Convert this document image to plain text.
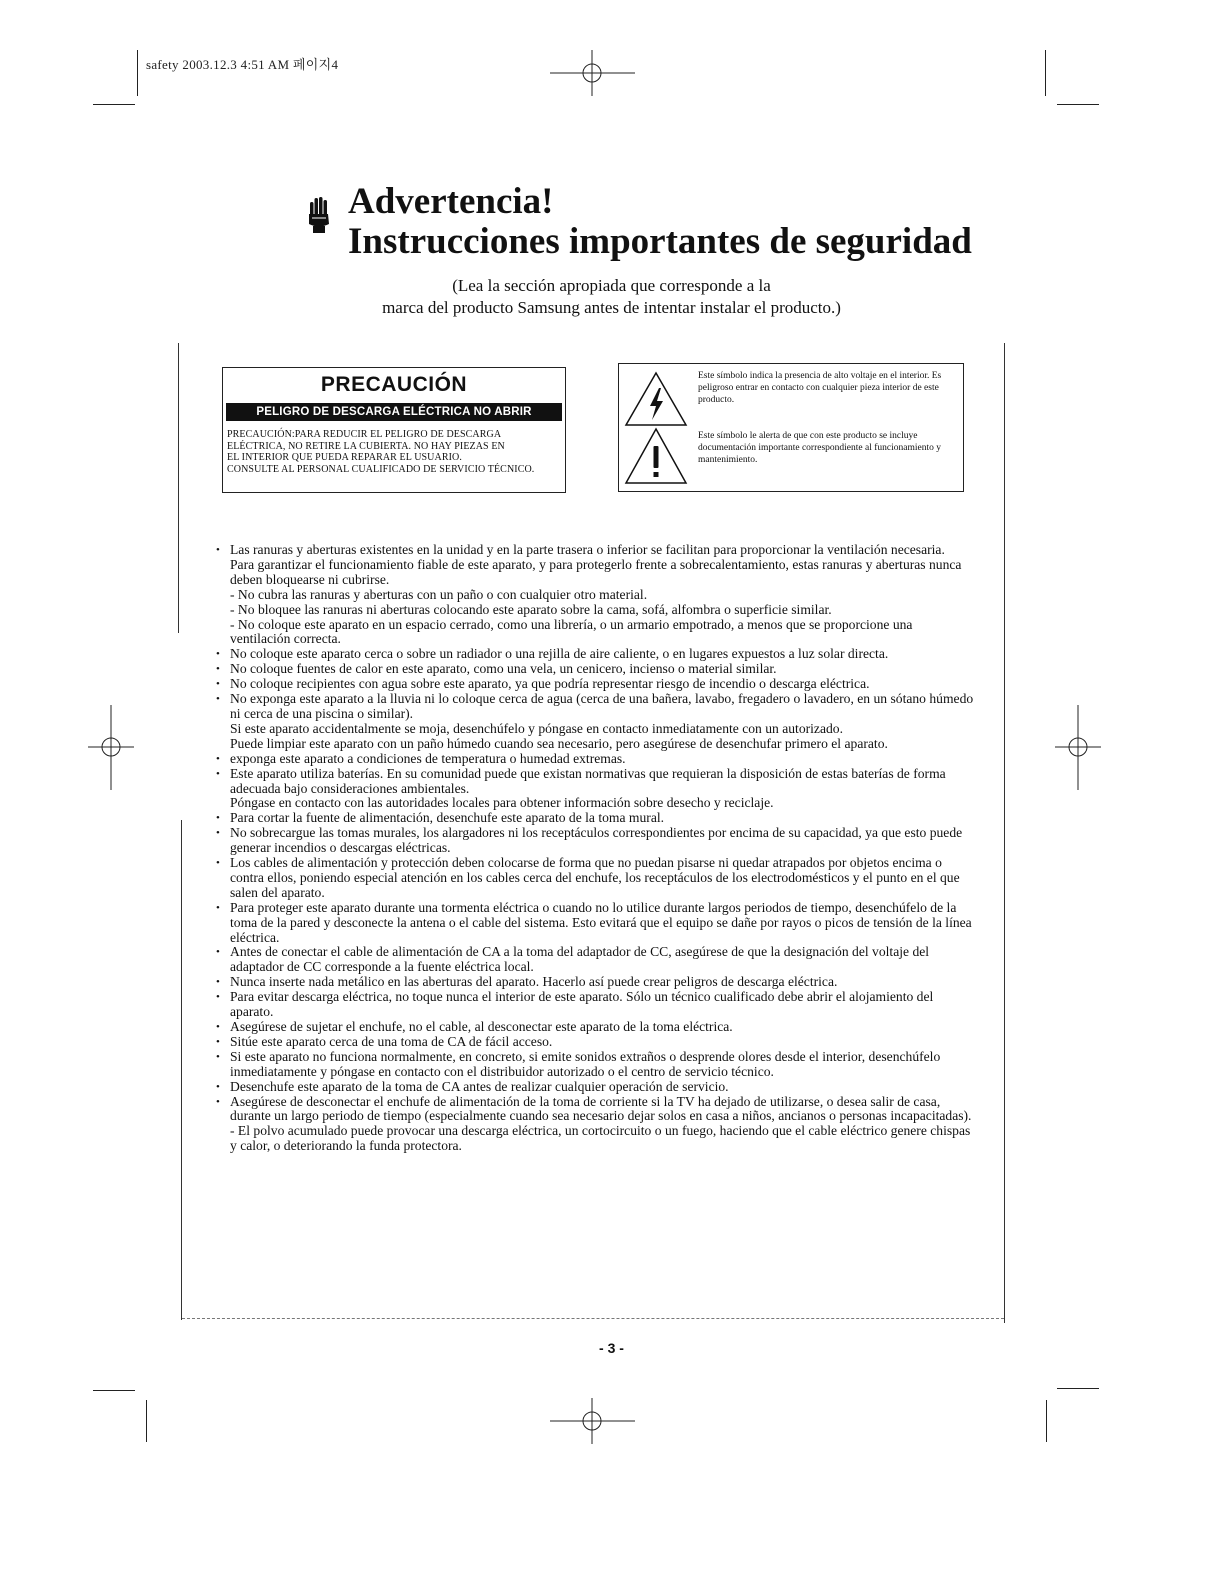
safety 2003.12.3 4:51 AM 페이지4
Advertencia!
Instrucciones importantes de seguridad
(Lea la sección apropiada que corresponde a la
marca del producto Samsung antes de intentar instalar el producto.)
PRECAUCIÓN
PELIGRO DE DESCARGA ELÉCTRICA NO ABRIR
PRECAUCIÓN:PARA REDUCIR EL PELIGRO DE DESCARGA
ELÉCTRICA, NO RETIRE LA CUBIERTA. NO HAY PIEZAS EN
EL INTERIOR QUE PUEDA REPARAR EL USUARIO.
CONSULTE AL PERSONAL CUALIFICADO DE SERVICIO TÉCNICO.
Este símbolo indica la presencia de alto voltaje en el interior. Es peligroso entrar en contacto con cualquier pieza interior de este producto.
Este símbolo le alerta de que con este producto se incluye documentación importante correspondiente al funcionamiento y mantenimiento.
• Las ranuras y aberturas existentes en la unidad y en la parte trasera o inferior se facilitan para proporcionar la ventilación necesaria.
Para garantizar el funcionamiento fiable de este aparato, y para protegerlo frente a sobrecalentamiento, estas ranuras y aberturas nunca deben bloquearse ni cubrirse.
- No cubra las ranuras y aberturas con un paño o con cualquier otro material.
- No bloquee las ranuras ni aberturas colocando este aparato sobre la cama, sofá, alfombra o superficie similar.
- No coloque este aparato en un espacio cerrado, como una librería, o un armario empotrado, a menos que se proporcione una ventilación correcta.
• No coloque este aparato cerca o sobre un radiador o una rejilla de aire caliente, o en lugares expuestos a luz solar directa.
• No coloque fuentes de calor en este aparato, como una vela, un cenicero, incienso o material similar.
• No coloque recipientes con agua sobre este aparato, ya que podría representar riesgo de incendio o descarga eléctrica.
• No exponga este aparato a la lluvia ni lo coloque cerca de agua (cerca de una bañera, lavabo, fregadero o lavadero, en un sótano húmedo ni cerca de una piscina o similar).
Si este aparato accidentalmente se moja, desenchúfelo y póngase en contacto inmediatamente con un autorizado.
Puede limpiar este aparato con un paño húmedo cuando sea necesario, pero asegúrese de desenchufar primero el aparato.
• exponga este aparato a condiciones de temperatura o humedad extremas.
• Este aparato utiliza baterías. En su comunidad puede que existan normativas que requieran la disposición de estas baterías de forma adecuada bajo consideraciones ambientales.
Póngase en contacto con las autoridades locales para obtener información sobre desecho y reciclaje.
• Para cortar la fuente de alimentación, desenchufe este aparato de la toma mural.
• No sobrecargue las tomas murales, los alargadores ni los receptáculos correspondientes por encima de su capacidad, ya que esto puede generar incendios o descargas eléctricas.
• Los cables de alimentación y protección deben colocarse de forma que no puedan pisarse ni quedar atrapados por objetos encima o contra ellos, poniendo especial atención en los cables cerca del enchufe, los receptáculos de los electrodomésticos y el punto en el que salen del aparato.
• Para proteger este aparato durante una tormenta eléctrica o cuando no lo utilice durante largos periodos de tiempo, desenchúfelo de la toma de la pared y desconecte la antena o el cable del sistema. Esto evitará que el equipo se dañe por rayos o picos de tensión de la línea eléctrica.
• Antes de conectar el cable de alimentación de CA a la toma del adaptador de CC, asegúrese de que la designación del voltaje del adaptador de CC corresponde a la fuente eléctrica local.
• Nunca inserte nada metálico en las aberturas del aparato. Hacerlo así puede crear peligros de descarga eléctrica.
• Para evitar descarga eléctrica, no toque nunca el interior de este aparato. Sólo un técnico cualificado debe abrir el alojamiento del aparato.
• Asegúrese de sujetar el enchufe, no el cable, al desconectar este aparato de la toma eléctrica.
• Sitúe este aparato cerca de una toma de CA de fácil acceso.
• Si este aparato no funciona normalmente, en concreto, si emite sonidos extraños o desprende olores desde el interior, desenchúfelo inmediatamente y póngase en contacto con el distribuidor autorizado o el centro de servicio técnico.
• Desenchufe este aparato de la toma de CA antes de realizar cualquier operación de servicio.
• Asegúrese de desconectar el enchufe de alimentación de la toma de corriente si la TV ha dejado de utilizarse, o desea salir de casa, durante un largo periodo de tiempo (especialmente cuando sea necesario dejar solos en casa a niños, ancianos o personas incapacitadas).
- El polvo acumulado puede provocar una descarga eléctrica, un cortocircuito o un fuego, haciendo que el cable eléctrico genere chispas y calor, o deteriorando la funda protectora.
- 3 -
